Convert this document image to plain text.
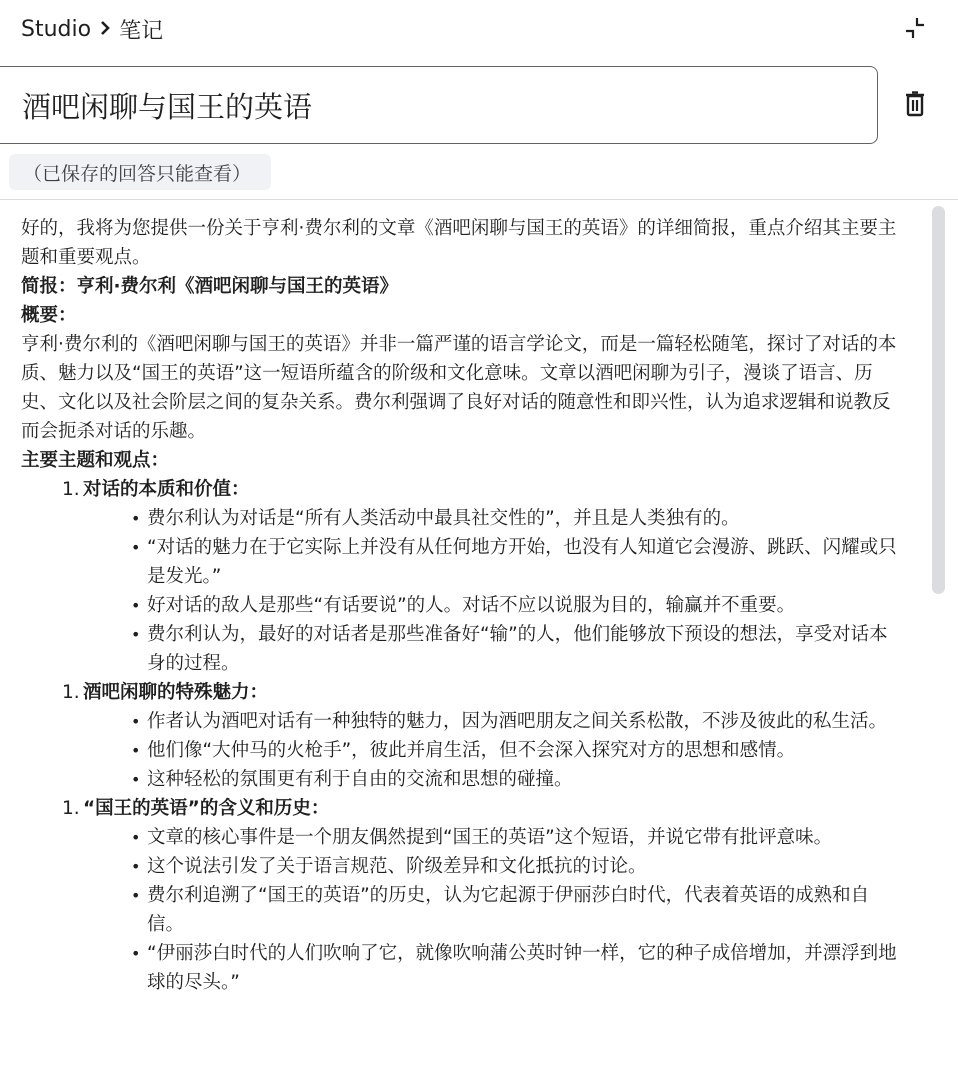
Studio 笔记
酒吧闲聊与国王的英语
（已保存的回答只能查看）

好的，我将为您提供一份关于亨利·费尔利的文章《酒吧闲聊与国王的英语》的详细简报，重点介绍其主要主题和重要观点。

简报：亨利·费尔利《酒吧闲聊与国王的英语》

概要：

亨利·费尔利的《酒吧闲聊与国王的英语》并非一篇严谨的语言学论文，而是一篇轻松随笔，探讨了对话的本质、魅力以及“国王的英语”这一短语所蕴含的阶级和文化意味。文章以酒吧闲聊为引子，漫谈了语言、历史、文化以及社会阶层之间的复杂关系。费尔利强调了良好对话的随意性和即兴性，认为追求逻辑和说教反而会扼杀对话的乐趣。

主要主题和观点：

1. 对话的本质和价值：

• 费尔利认为对话是“所有人类活动中最具社交性的”，并且是人类独有的。

• “对话的魅力在于它实际上并没有从任何地方开始，也没有人知道它会漫游、跳跃、闪耀或只是发光。”

• 好对话的敌人是那些“有话要说”的人。对话不应以说服为目的，输赢并不重要。

• 费尔利认为，最好的对话者是那些准备好“输”的人，他们能够放下预设的想法，享受对话本身的过程。

1. 酒吧闲聊的特殊魅力：

• 作者认为酒吧对话有一种独特的魅力，因为酒吧朋友之间关系松散，不涉及彼此的私生活。

• 他们像“大仲马的火枪手”，彼此并肩生活，但不会深入探究对方的思想和感情。

• 这种轻松的氛围更有利于自由的交流和思想的碰撞。

1. “国王的英语”的含义和历史：

• 文章的核心事件是一个朋友偶然提到“国王的英语”这个短语，并说它带有批评意味。

• 这个说法引发了关于语言规范、阶级差异和文化抵抗的讨论。

• 费尔利追溯了“国王的英语”的历史，认为它起源于伊丽莎白时代，代表着英语的成熟和自信。

• “伊丽莎白时代的人们吹响了它，就像吹响蒲公英时钟一样，它的种子成倍增加，并漂浮到地球的尽头。”
